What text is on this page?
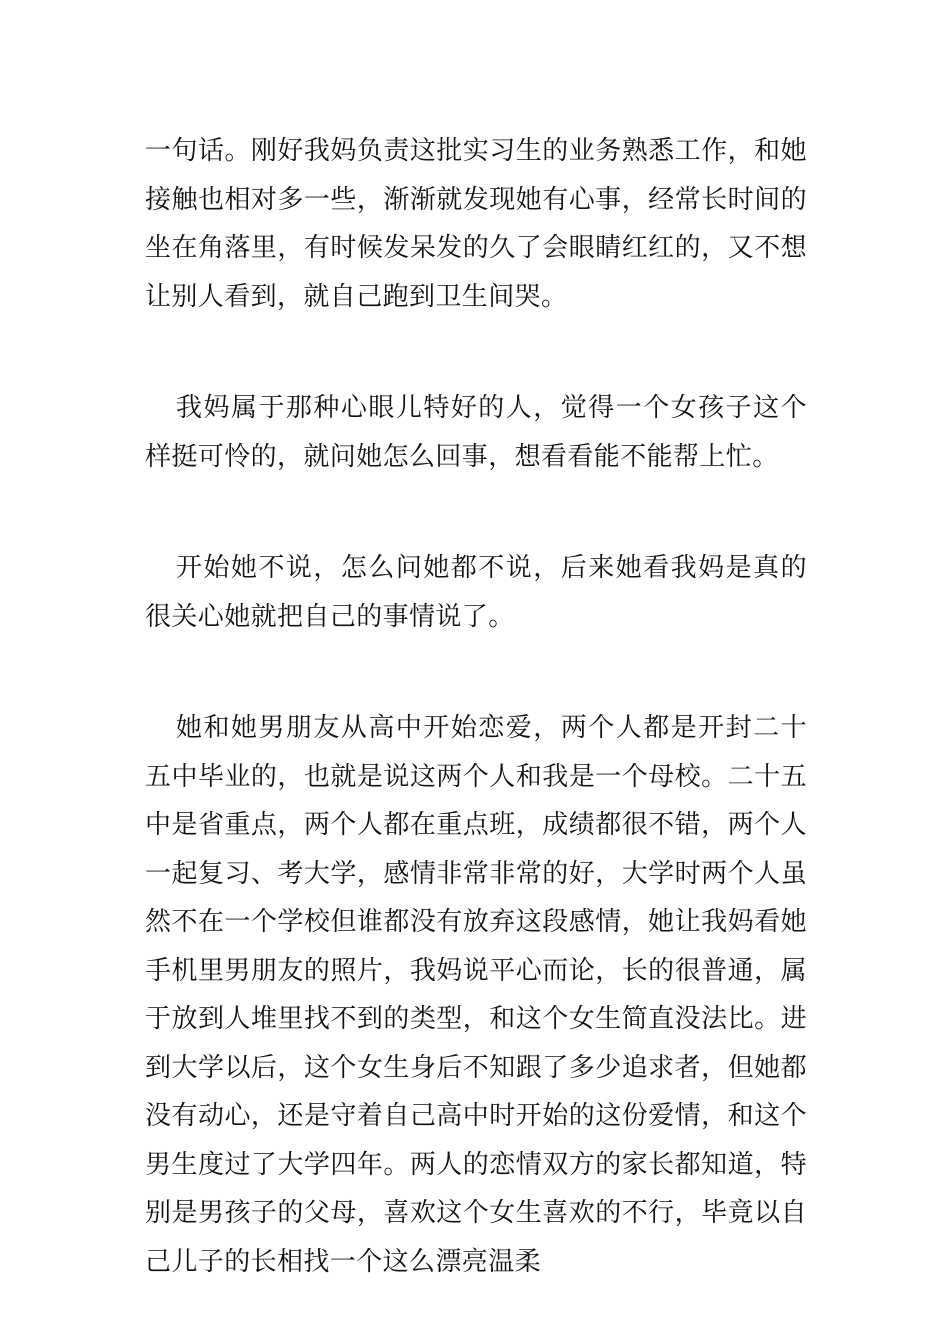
一句话。刚好我妈负责这批实习生的业务熟悉工作，和她接触也相对多一些，渐渐就发现她有心事，经常长时间的坐在角落里，有时候发呆发的久了会眼睛红红的，又不想让别人看到，就自己跑到卫生间哭。

我妈属于那种心眼儿特好的人，觉得一个女孩子这个样挺可怜的，就问她怎么回事，想看看能不能帮上忙。

开始她不说，怎么问她都不说，后来她看我妈是真的很关心她就把自己的事情说了。

她和她男朋友从高中开始恋爱，两个人都是开封二十五中毕业的，也就是说这两个人和我是一个母校。二十五中是省重点，两个人都在重点班，成绩都很不错，两个人一起复习、考大学，感情非常非常的好，大学时两个人虽然不在一个学校但谁都没有放弃这段感情，她让我妈看她手机里男朋友的照片，我妈说平心而论，长的很普通，属于放到人堆里找不到的类型，和这个女生简直没法比。进到大学以后，这个女生身后不知跟了多少追求者，但她都没有动心，还是守着自己高中时开始的这份爱情，和这个男生度过了大学四年。两人的恋情双方的家长都知道，特别是男孩子的父母，喜欢这个女生喜欢的不行，毕竟以自己儿子的长相找一个这么漂亮温柔
